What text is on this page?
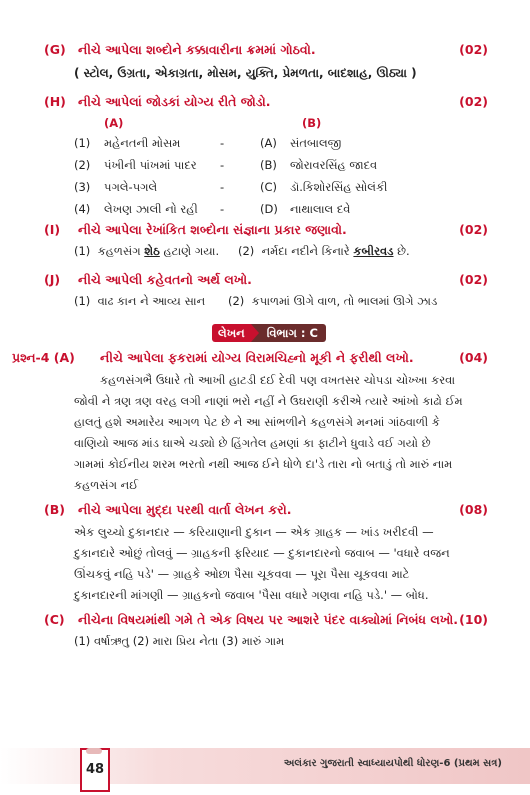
(G) નીચે આપેલા શબ્દોને કક્કાવારીના ક્રમમાં ગોઠવો.	(02)
( સ્ટોલ, ઉગ્રતા, એકાગ્રતા, મોસમ, યુક્તિ, પ્રેમળતા, બાદશાહ, ઊઠ્યા )
(H) નીચે આપેલાં જોડકાં યોગ્ય રીતે જોડો.	(02)
(A)	(B)
(1) મહેનતની મોસમ	-	(A) સંતબાલજી
(2) પંખીની પાંખમાં પાદર -	(B) જોરાવરસિંહ જાદવ
(3) પગલે-પગલે	-	(C) ડૉ.કિશોરસિંહ સોલંકી
(4) લેખણ ઝાલી નો રહી -	(D) નાથાલાલ દવે
(I) નીચે આપેલા રેખાંકિત શબ્દોના સંજ્ઞાના પ્રકાર જણાવો.	(02)
(1) કહળસંગ શેઠ હટાણે ગયા. (2) નર્મદા નદીને કિનારે કબીરવડ છે.
(J) નીચે આપેલી કહેવતનો અર્થ લખો.	(02)
(1) વાઢ કાન ને આવ્ય સાન (2) કપાળમાં ઊગે વાળ, તો ભાલમાં ઊગે ઝાડ
લેખન	વિભાગ : C
પ્રશ્ન-4 (A) નીચે આપેલા ફકરામાં યોગ્ય વિરામચિહ્નો મૂકી ને ફરીથી લખો.	(04)

કહળસંગભૈ ઉધારે તો આખી હાટડી દઈ દેવી પણ વખતસર ચોપડા ચોખ્ખા કરવા

જોવી ને ત્રણ ત્રણ વરહ લગી નાણાં ભરો નહીં ને ઉઘરાણી કરીએ ત્યારે આંખો કાઢો ઈમ

હાલતું હશે અમારેય આગળ પેટ છે ને આ સાંભળીને કહળસંગે મનમાં ગાંઠવાળી કે

વાણિયો આજ માંડ ઘાએ ચડ્યો છે હિંગતેલ હમણાં કા ફાટીને ધુવાડે વઈ ગયો છે

ગામમાં કોઈનીય શરમ ભરતો નથી આજ ઈને ધોળે દા'ડે તારા નો બતાડું તો મારું નામ

કહળસંગ નઈ

(B) નીચે આપેલા મુદ્દા પરથી વાર્તા લેખન કરો.	(08)

એક લુચ્ચો દુકાનદાર — કરિયાણાની દુકાન — એક ગ્રાહક — ખાંડ ખરીદવી —

દુકાનદારે ઓછું તોલવું — ગ્રાહકની ફરિયાદ — દુકાનદારનો જવાબ — 'વધારે વજન

ઊંચકવું નહિ પડે' — ગ્રાહકે ઓછા પૈસા ચૂકવવા — પૂરા પૈસા ચૂકવવા માટે

દુકાનદારની માંગણી — ગ્રાહકનો જવાબ 'પૈસા વધારે ગણવા નહિ પડે.' — બોધ.

(C) નીચેના વિષયમાંથી ગમે તે એક વિષય પર આશરે પંદર વાક્યોમાં નિબંધ લખો. (10)
(1) વર્ષાઋતુ (2) મારા પ્રિય નેતા (3) મારું ગામ
48	અલંકાર ગુજરાતી સ્વાધ્યાયપોથી ધોરણ-6 (પ્રથમ સત્ર)
